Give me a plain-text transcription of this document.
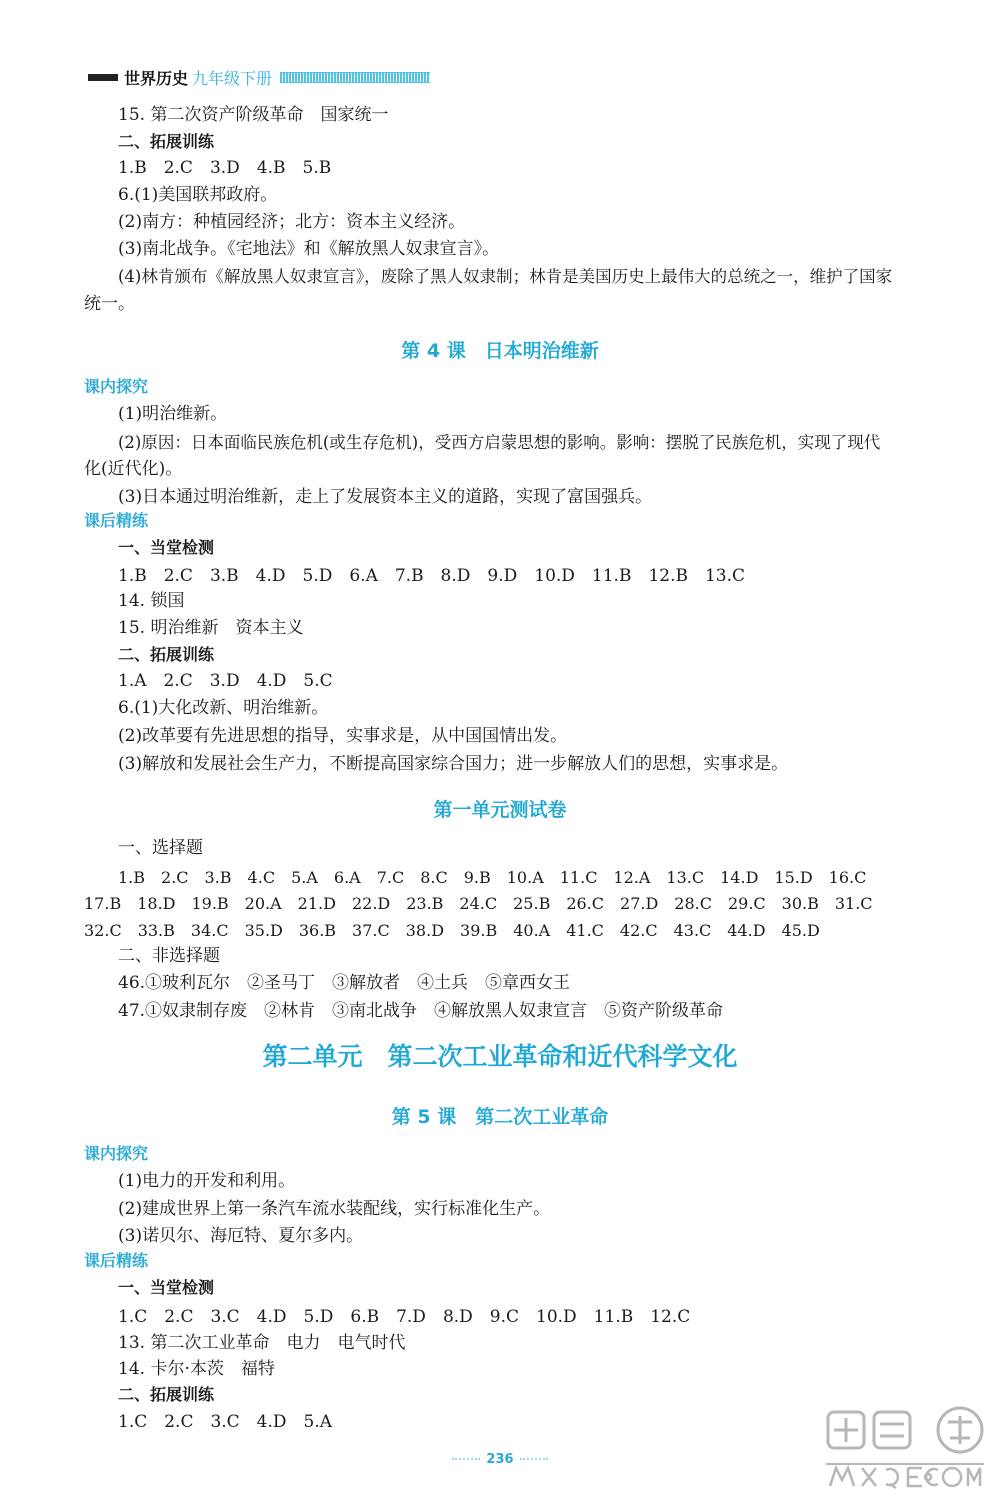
世界历史 九年级下册
15. 第二次资产阶级革命　国家统一
二、拓展训练
1.B　2.C　3.D　4.B　5.B
6.(1)美国联邦政府。
(2)南方：种植园经济；北方：资本主义经济。
(3)南北战争。《宅地法》和《解放黑人奴隶宣言》。
(4)林肯颁布《解放黑人奴隶宣言》，废除了黑人奴隶制；林肯是美国历史上最伟大的总统之一，维护了国家
统一。
第 4 课　日本明治维新
课内探究
(1)明治维新。
(2)原因：日本面临民族危机(或生存危机)，受西方启蒙思想的影响。影响：摆脱了民族危机，实现了现代
化(近代化)。
(3)日本通过明治维新，走上了发展资本主义的道路，实现了富国强兵。
课后精练
一、当堂检测
1.B　2.C　3.B　4.D　5.D　6.A　7.B　8.D　9.D　10.D　11.B　12.B　13.C
14. 锁国
15. 明治维新　资本主义
二、拓展训练
1.A　2.C　3.D　4.D　5.C
6.(1)大化改新、明治维新。
(2)改革要有先进思想的指导，实事求是，从中国国情出发。
(3)解放和发展社会生产力，不断提高国家综合国力；进一步解放人们的思想，实事求是。
第一单元测试卷
一、选择题
1.B　2.C　3.B　4.C　5.A　6.A　7.C　8.C　9.B　10.A　11.C　12.A　13.C　14.D　15.D　16.C
17.B　18.D　19.B　20.A　21.D　22.D　23.B　24.C　25.B　26.C　27.D　28.C　29.C　30.B　31.C
32.C　33.B　34.C　35.D　36.B　37.C　38.D　39.B　40.A　41.C　42.C　43.C　44.D　45.D
二、非选择题
46.①玻利瓦尔　②圣马丁　③解放者　④土兵　⑤章西女王
47.①奴隶制存废　②林肯　③南北战争　④解放黑人奴隶宣言　⑤资产阶级革命
第二单元　第二次工业革命和近代科学文化
第 5 课　第二次工业革命
课内探究
(1)电力的开发和利用。
(2)建成世界上第一条汽车流水装配线，实行标准化生产。
(3)诺贝尔、海厄特、夏尔多内。
课后精练
一、当堂检测
1.C　2.C　3.C　4.D　5.D　6.B　7.D　8.D　9.C　10.D　11.B　12.C
13. 第二次工业革命　电力　电气时代
14. 卡尔·本茨　福特
二、拓展训练
1.C　2.C　3.C　4.D　5.A
236
